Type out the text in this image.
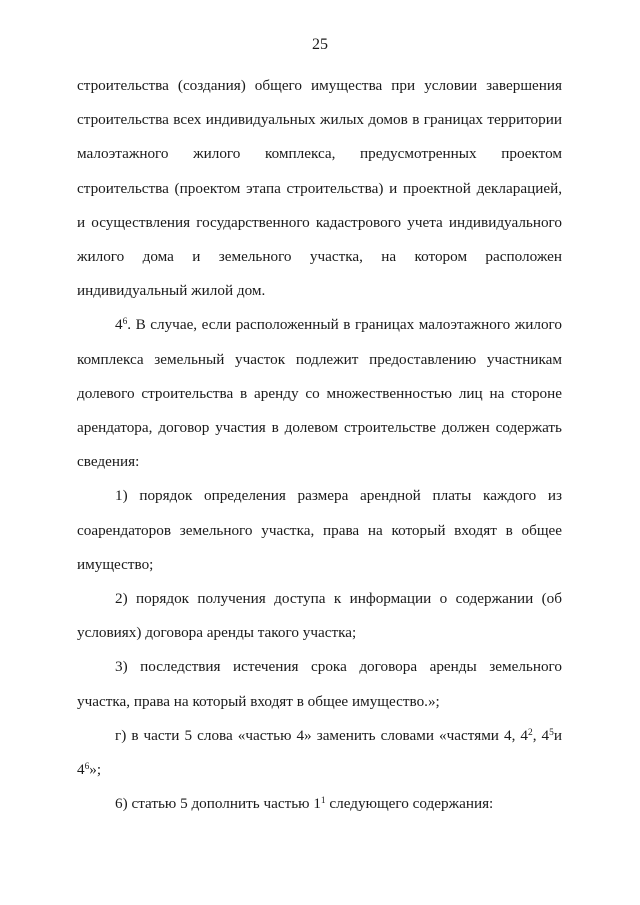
25

строительства (создания) общего имущества при условии завершения строительства всех индивидуальных жилых домов в границах территории малоэтажного жилого комплекса, предусмотренных проектом строительства (проектом этапа строительства) и проектной декларацией, и осуществления государственного кадастрового учета индивидуального жилого дома и земельного участка, на котором расположен индивидуальный жилой дом.

$4^6$. В случае, если расположенный в границах малоэтажного жилого комплекса земельный участок подлежит предоставлению участникам долевого строительства в аренду со множественностью лиц на стороне арендатора, договор участия в долевом строительстве должен содержать сведения:

1) порядок определения размера арендной платы каждого из соарендаторов земельного участка, права на который входят в общее имущество;

2) порядок получения доступа к информации о содержании (об условиях) договора аренды такого участка;

3) последствия истечения срока договора аренды земельного участка, права на который входят в общее имущество.»;

г) в части 5 слова «частью 4» заменить словами «частями 4, $4^2$, $4^5и$ $4^6$»;

6) статью 5 дополнить частью $1^1$ следующего содержания:
